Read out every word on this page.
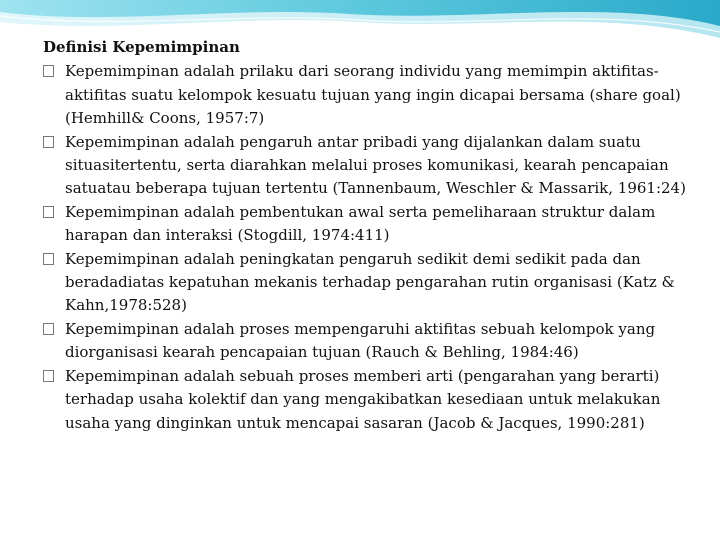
Definisi Kepemimpinan
Kepemimpinan adalah prilaku dari seorang individu yang memimpin aktifitas-aktifitas suatu kelompok kesuatu tujuan yang ingin dicapai bersama (share goal) (Hemhill& Coons, 1957:7)
Kepemimpinan adalah pengaruh antar pribadi yang dijalankan dalam suatu situasitertentu, serta diarahkan melalui proses komunikasi, kearah pencapaian satuatau beberapa tujuan tertentu (Tannenbaum, Weschler & Massarik, 1961:24)
Kepemimpinan adalah pembentukan awal serta pemeliharaan struktur dalam harapan dan interaksi (Stogdill, 1974:411)
Kepemimpinan adalah peningkatan pengaruh sedikit demi sedikit pada dan beradadiatas kepatuhan mekanis terhadap pengarahan rutin organisasi (Katz & Kahn,1978:528)
Kepemimpinan adalah proses mempengaruhi aktifitas sebuah kelompok yang diorganisasi kearah pencapaian tujuan (Rauch & Behling, 1984:46)
Kepemimpinan adalah sebuah proses memberi arti (pengarahan yang berarti) terhadap usaha kolektif dan yang mengakibatkan kesediaan untuk melakukan usaha yang dinginkan untuk mencapai sasaran (Jacob & Jacques, 1990:281)
